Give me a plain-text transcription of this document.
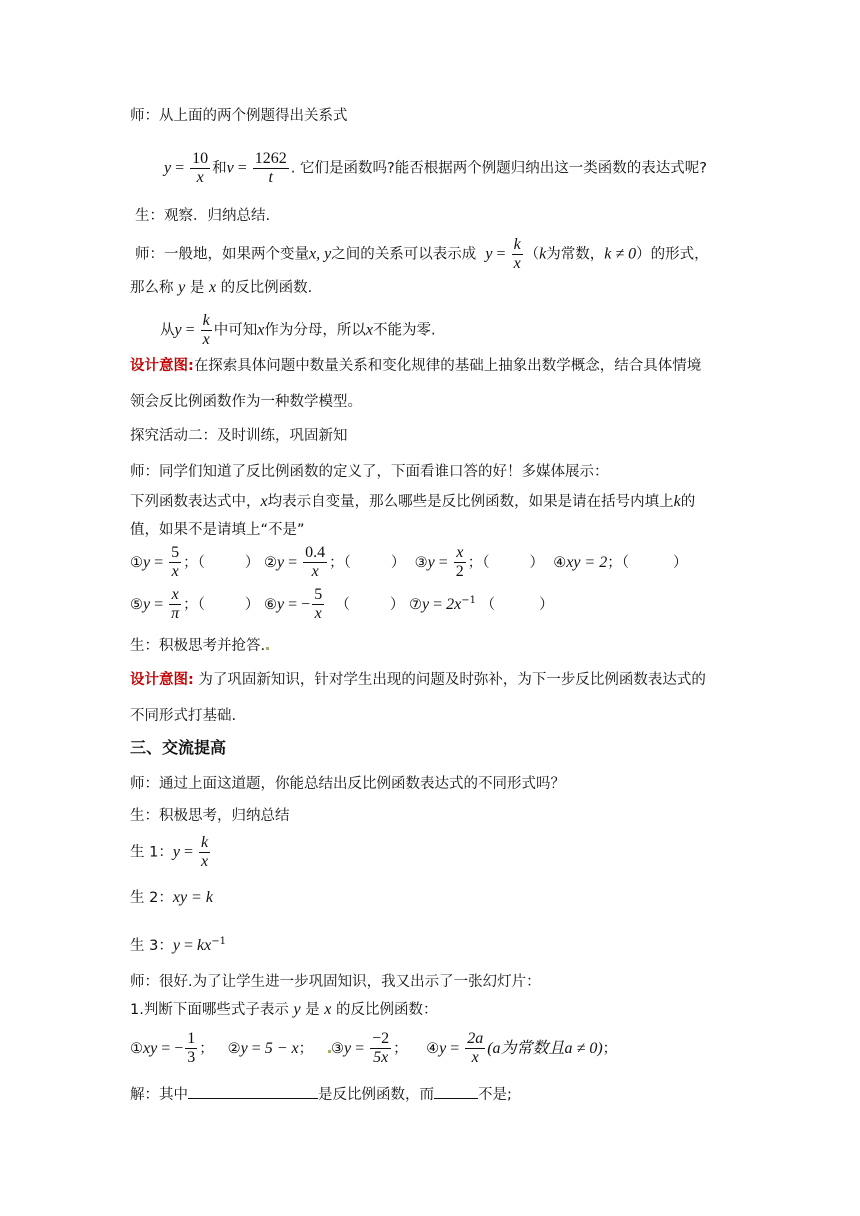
师：从上面的两个例题得出关系式
$y = \frac{10}{x}$ 和$v = \frac{1262}{t}$ . 它们是函数吗?能否根据两个例题归纳出这一类函数的表达式呢?
生：观察．归纳总结.
师：一般地，如果两个变量x, y之间的关系可以表示成 $y = \frac{k}{x} (k$为常数，k ≠ 0）的形式，
那么称 y 是 x 的反比例函数.
从$y = \frac{k}{x}$ 中可知x作为分母，所以x不能为零.
设计意图:在探索具体问题中数量关系和变化规律的基础上抽象出数学概念，结合具体情境
领会反比例函数作为一种数学模型。
探究活动二：及时训练，巩固新知
师：同学们知道了反比例函数的定义了，下面看谁口答的好！多媒体展示：
下列函数表达式中，x均表示自变量，那么哪些是反比例函数，如果是请在括号内填上k的
值，如果不是请填上“不是”
①y = $\frac{5}{x}$ ；（	） ②y = $\frac{0.4}{x}$ ；（	） ③y = $\frac{x}{2}$ ；（	） ④xy = 2；（	）
⑤y = $\frac{x}{\pi}$ ；（	） ⑥y = − $\frac{5}{x}$ （	） ⑦y = $2x^{-1}$ （	）
生：积极思考并抢答.
设计意图: 为了巩固新知识，针对学生出现的问题及时弥补，为下一步反比例函数表达式的
不同形式打基础.
三、交流提高
师：通过上面这道题，你能总结出反比例函数表达式的不同形式吗？
生：积极思考，归纳总结
生 1：$y = \frac{k}{x}$
生 2：xy = k
生 3：$y = kx^{-1}$
师：很好.为了让学生进一步巩固知识，我又出示了一张幻灯片：
1.判断下面哪些式子表示 y 是 x 的反比例函数：
①xy = − $\frac{1}{3}$ ； ②y = 5 − x； ③y = $\frac{-2}{5x}$ ； ④y = $\frac{2a}{x} (a$为常数且a ≠ 0)；
解：其中	是反比例函数，而	不是;
